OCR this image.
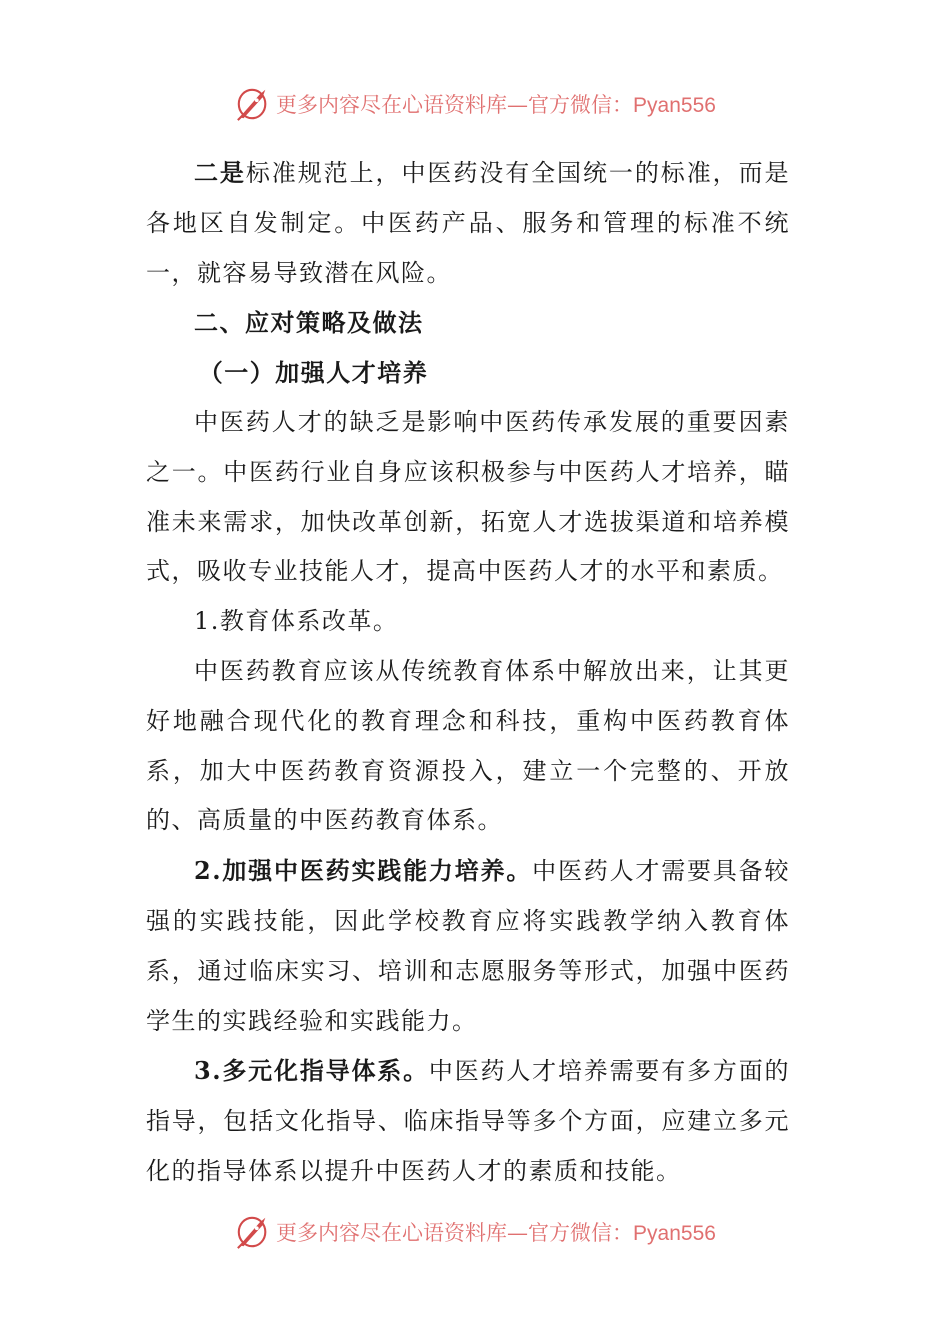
更多内容尽在心语资料库—官方微信：Pyan556

二是标准规范上，中医药没有全国统一的标准，而是各地区自发制定。中医药产品、服务和管理的标准不统一，就容易导致潜在风险。

二、应对策略及做法

（一）加强人才培养

中医药人才的缺乏是影响中医药传承发展的重要因素之一。中医药行业自身应该积极参与中医药人才培养，瞄准未来需求，加快改革创新，拓宽人才选拔渠道和培养模式，吸收专业技能人才，提高中医药人才的水平和素质。

1.教育体系改革。

中医药教育应该从传统教育体系中解放出来，让其更好地融合现代化的教育理念和科技，重构中医药教育体系，加大中医药教育资源投入，建立一个完整的、开放的、高质量的中医药教育体系。

2.加强中医药实践能力培养。中医药人才需要具备较强的实践技能，因此学校教育应将实践教学纳入教育体系，通过临床实习、培训和志愿服务等形式，加强中医药学生的实践经验和实践能力。

3.多元化指导体系。中医药人才培养需要有多方面的指导，包括文化指导、临床指导等多个方面，应建立多元化的指导体系以提升中医药人才的素质和技能。

更多内容尽在心语资料库—官方微信：Pyan556
